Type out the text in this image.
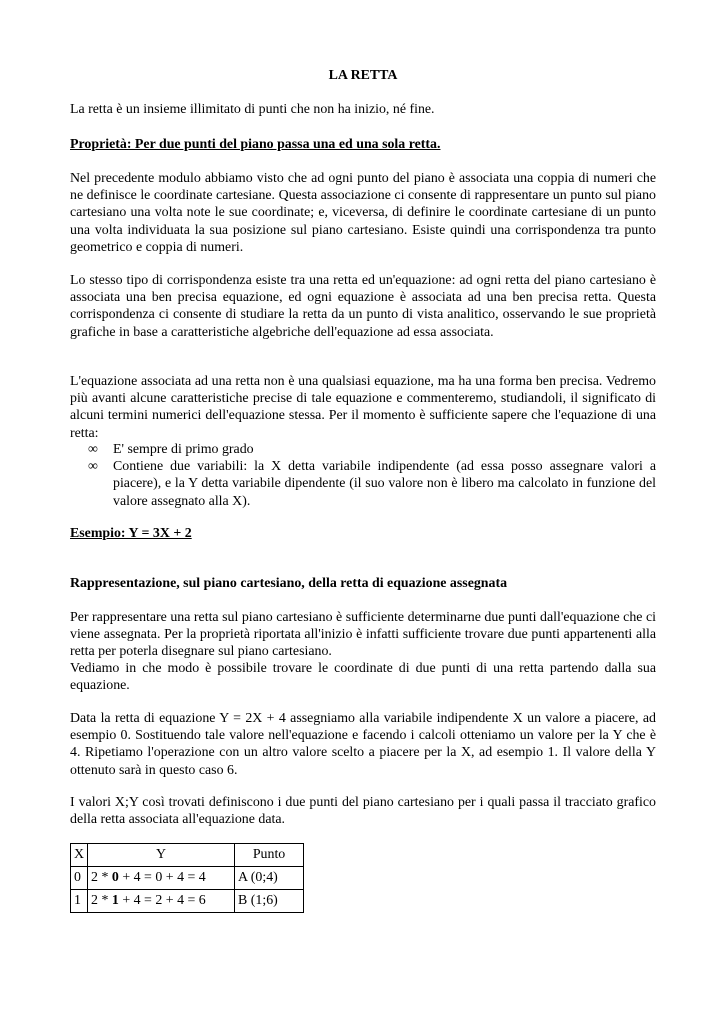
LA RETTA

La retta è un insieme illimitato di punti che non ha inizio, né fine.

Proprietà: Per due punti del piano passa una ed una sola retta.

Nel precedente modulo abbiamo visto che ad ogni punto del piano è associata una coppia di numeri che ne definisce le coordinate cartesiane. Questa associazione ci consente di rappresentare un punto sul piano cartesiano una volta note le sue coordinate; e, viceversa, di definire le coordinate cartesiane di un punto una volta individuata la sua posizione sul piano cartesiano. Esiste quindi una corrispondenza tra punto geometrico e coppia di numeri.

Lo stesso tipo di corrispondenza esiste tra una retta ed un'equazione: ad ogni retta del piano cartesiano è associata una ben precisa equazione, ed ogni equazione è associata ad una ben precisa retta. Questa corrispondenza ci consente di studiare la retta da un punto di vista analitico, osservando le sue proprietà grafiche in base a caratteristiche algebriche dell'equazione ad essa associata.

L'equazione associata ad una retta non è una qualsiasi equazione, ma ha una forma ben precisa. Vedremo più avanti alcune caratteristiche precise di tale equazione e commenteremo, studiandoli, il significato di alcuni termini numerici dell'equazione stessa. Per il momento è sufficiente sapere che l'equazione di una retta:

∞ E' sempre di primo grado
∞ Contiene due variabili: la X detta variabile indipendente (ad essa posso assegnare valori a piacere), e la Y detta variabile dipendente (il suo valore non è libero ma calcolato in funzione del valore assegnato alla X).

Esempio: Y = 3X + 2

Rappresentazione, sul piano cartesiano, della retta di equazione assegnata

Per rappresentare una retta sul piano cartesiano è sufficiente determinarne due punti dall'equazione che ci viene assegnata. Per la proprietà riportata all'inizio è infatti sufficiente trovare due punti appartenenti alla retta per poterla disegnare sul piano cartesiano.

Vediamo in che modo è possibile trovare le coordinate di due punti di una retta partendo dalla sua equazione.

Data la retta di equazione Y = 2X + 4 assegniamo alla variabile indipendente X un valore a piacere, ad esempio 0. Sostituendo tale valore nell'equazione e facendo i calcoli otteniamo un valore per la Y che è 4. Ripetiamo l'operazione con un altro valore scelto a piacere per la X, ad esempio 1. Il valore della Y ottenuto sarà in questo caso 6.

I valori X;Y così trovati definiscono i due punti del piano cartesiano per i quali passa il tracciato grafico della retta associata all'equazione data.

X	Y	Punto
0	2 * 0 + 4 = 0 + 4 = 4	A (0;4)
1	2 * 1 + 4 = 2 + 4 = 6	B (1;6)
